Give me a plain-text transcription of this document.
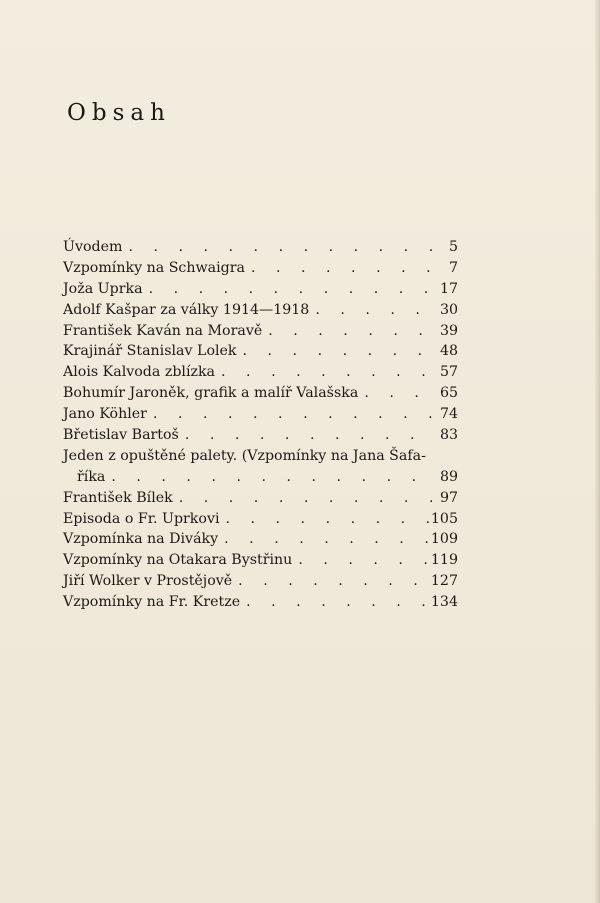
Obsah
Úvodem . . .	5
Vzpomínky na Schwaigra . . .	7
Joža Uprka . . .	17
Adolf Kašpar za války 1914—1918 . . .	30
František Kaván na Moravě . . .	39
Krajinář Stanislav Lolek . . .	48
Alois Kalvoda zblízka . . .	57
Bohumír Jaroněk, grafik a malíř Valašska . . .	65
Jano Köhler . . .	74
Břetislav Bartoš . . .	83
Jeden z opuštěné palety. (Vzpomínky na Jana Šafa-
říka . . .	89
František Bílek . . .	97
Episoda o Fr. Uprkovi . . .	105
Vzpomínka na Diváky . . .	109
Vzpomínky na Otakara Bystřinu . . .	119
Jiří Wolker v Prostějově . . .	127
Vzpomínky na Fr. Kretze . . .	134
